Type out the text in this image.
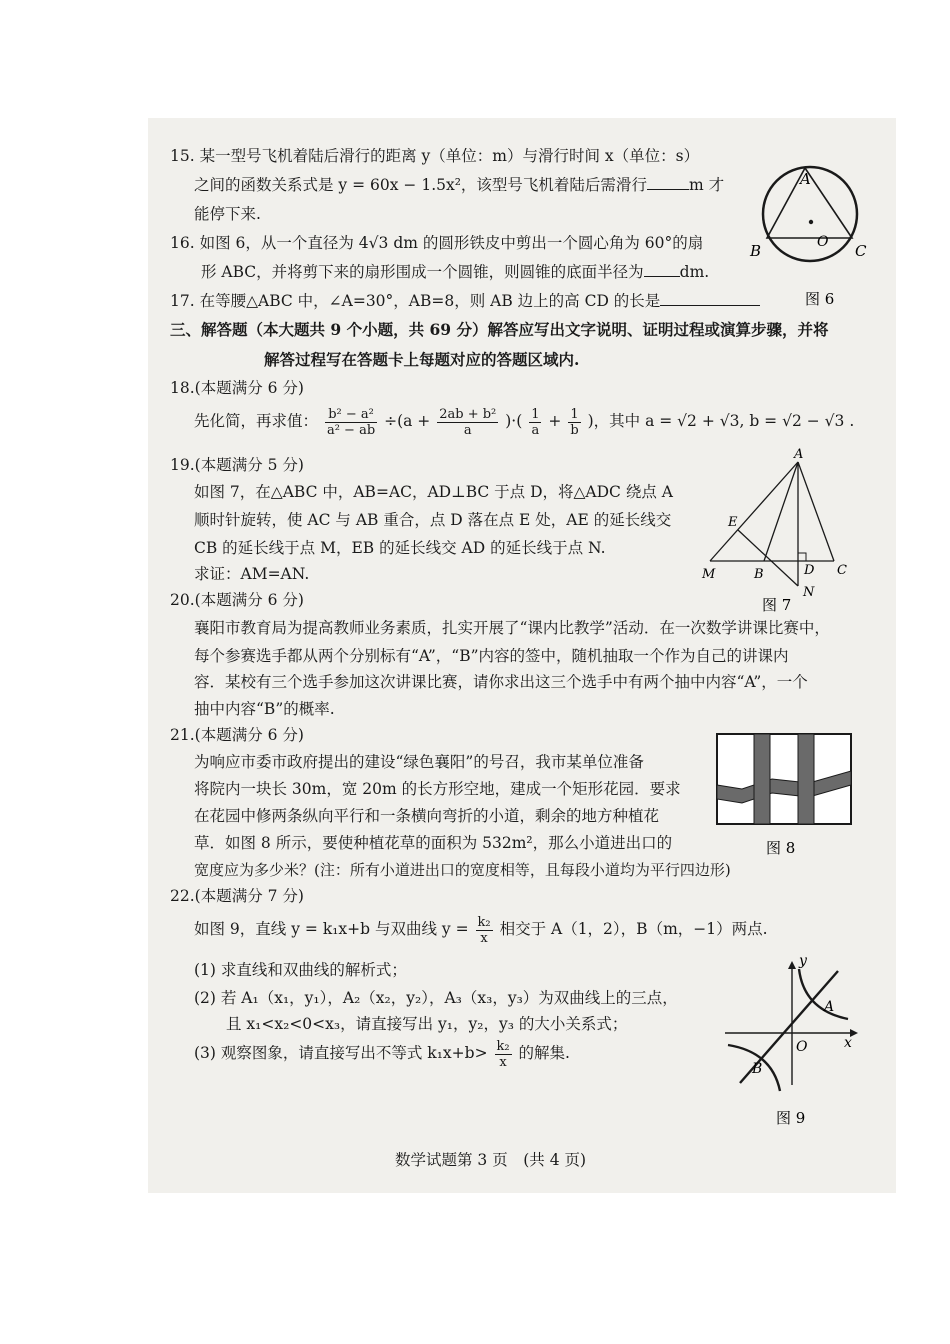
15. 某一型号飞机着陆后滑行的距离 y（单位：m）与滑行时间 x（单位：s）
之间的函数关系式是 y = 60x − 1.5x²，该型号飞机着陆后需滑行	m 才
能停下来.
16. 如图 6，从一个直径为 4√3 dm 的圆形铁皮中剪出一个圆心角为 60°的扇
形 ABC，并将剪下来的扇形围成一个圆锥，则圆锥的底面半径为 dm.
17. 在等腰△ABC 中，∠A=30°，AB=8，则 AB 边上的高 CD 的长是
三、解答题（本大题共 9 个小题，共 69 分）解答应写出文字说明、证明过程或演算步骤，并将
解答过程写在答题卡上每题对应的答题区域内.
18.(本题满分 6 分)
先化简，再求值： $\frac{\text{b² − a²}}{\text{a² − ab}} \div(a + \frac{\text{2ab + b²}}{a}$ )·( $\frac{1}{a} + \frac{1}{b}$ )，其中 a = √2 + √3, b = √2 − √3 .
19.(本题满分 5 分)
如图 7，在△ABC 中，AB=AC，AD⊥BC 于点 D，将△ADC 绕点 A
顺时针旋转，使 AC 与 AB 重合，点 D 落在点 E 处，AE 的延长线交
CB 的延长线于点 M，EB 的延长线交 AD 的延长线于点 N.
求证：AM=AN.
20.(本题满分 6 分)
襄阳市教育局为提高教师业务素质，扎实开展了“课内比教学”活动．在一次数学讲课比赛中，
每个参赛选手都从两个分别标有“A”，“B”内容的签中，随机抽取一个作为自己的讲课内
容．某校有三个选手参加这次讲课比赛，请你求出这三个选手中有两个抽中内容“A”，一个
抽中内容“B”的概率.
21.(本题满分 6 分)
为响应市委市政府提出的建设“绿色襄阳”的号召，我市某单位准备
将院内一块长 30m，宽 20m 的长方形空地，建成一个矩形花园．要求
在花园中修两条纵向平行和一条横向弯折的小道，剩余的地方种植花
草．如图 8 所示，要使种植花草的面积为 532m²，那么小道进出口的
宽度应为多少米？(注：所有小道进出口的宽度相等，且每段小道均为平行四边形)
22.(本题满分 7 分)
如图 9，直线 y = k₁x+b 与双曲线 $y = \frac{\text{k₂}}{x}$ 相交于 A（1，2），B（m，−1）两点.
(1) 求直线和双曲线的解析式；
(2) 若 A₁（x₁，y₁），A₂（x₂，y₂），A₃（x₃，y₃）为双曲线上的三点，
且 x₁<x₂<0<x₃，请直接写出 y₁，y₂，y₃ 的大小关系式；
(3) 观察图象，请直接写出不等式 $k_1x+b> \frac{\text{k₂}}{x}$ 的解集.
A
B	C
O
图 6
A
E
D C
M	B
N
图 7
图 8
y
x
A
O
B
图 9
数学试题第 3 页　(共 4 页)
